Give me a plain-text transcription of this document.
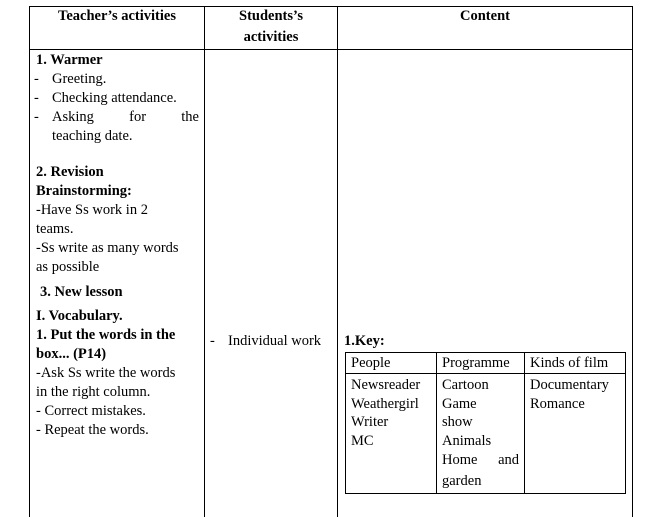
Teacher’s activities	Students’s
activities
Content
1. Warmer
- Greeting.
- Checking attendance.
- Asking for the
teaching date.
2. Revision
Brainstorming:
-Have Ss work in 2
teams.
-Ss write as many words
as possible
3. New lesson
I. Vocabulary.
1. Put the words in the
box... (P14)
-Ask Ss write the words
in the right column.
- Correct mistakes.
- Repeat the words.
- Individual work 1.Key:
People	Programme Kinds of film
Newsreader
Weathergirl
Writer
MC
Cartoon
Game
show
Animals
Home and
garden
Documentary
Romance
